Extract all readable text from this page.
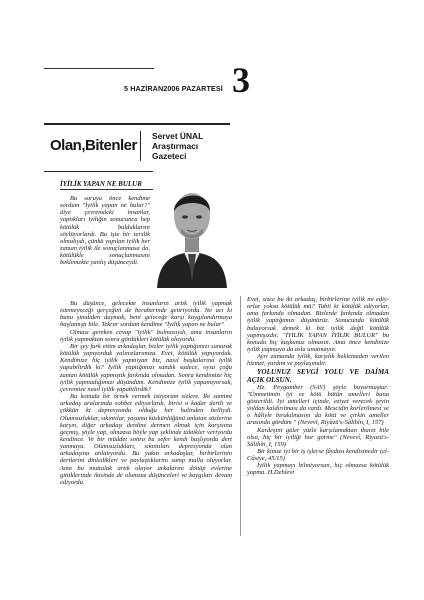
5 HAZİRAN2006 PAZARTESİ 3
Olan,Bitenler
Servet ÜNAL
Araştırmacı Gazeteci
İYİLİK YAPAN NE BULUR

Bu soruyu önce kendime sordum "İyilik yapan ne bulur?" diye çevremdeki insanlar, yaptıkları iyiliğin sonucunca hep kötülük bulduklarını söylüyorlardı. Bu işte bir terslik olmalıydı, çünkü yapılan iyilik her zaman iyilik ile sonuçlanmasa da, kötülükle sonuçlanmasını beklemekte yanlış düşünceydi.

Bu düşünce, gelecekte insanların artık iyilik yapmak istemeyeceği gerçeğini de beraberinde getiriyordu. Ne acı ki bunu şimdiden duymak, beni geleceğe karşı kaygılandırmaya başlamıştı bile. Tekrar sordum kendime "İyilik yapan ne bulur"

Olması gereken cevap "iyilik" bulmasıydı, ama insanların iyilik yapmaktan sonra gördükleri kötülük oluyordu.

Bir şey fark ettim arkadaşlar, bizler iyilik yaptığımızı sanarak kötülük yapıyorduk yalınızlarımıza. Evet, kötülük yapıyorduk. Kendimize hiç iyilik yapmıyan biz, nasıl başkalarına iyilik yapabilirdik ki? İyilik yaptığımızı sandık sadece, oysa çoğu zaman kötülük yapmıştık farkında olmadan. Sonra kendimize hiç iyilik yapmadığımızı düşündüm. Kendimize iyilik yapamıyorsak, çevremize nasıl iyilik yapabilirdik?

Bu konuda bir örnek vermek istiyorum sizlere. İki samimi arkadaş aralarında sohbet ediyorlardı, birisi o kadar dertli ve çökkün ki depresyonda olduğu her halinden belliydi. Olumsuzluklar, sıkıntılar, yaşama küskünlüğünü anlatan sözlerine karşın, diğer arkadaşı derdine dermen olmak için karşısına geçmiş, şöyle yap, olmazsa böyle yap şeklinde taktikler veriyordu kendince. Ve bir müddet sonra bu sefer kendi başlıyordu dert yanmaya. Olumsuzlukları, sıkıntıları depresyonda olan arkadaşına anlatıyordu. Bu yakın arkadaşlar, birbirlerinin dertlerini dinledikleri ve paylaştıklarını samp malla oluyorlar. Ama bu muttalak artık olayor arkalarını dönüp evlerine gittiklerinde ikisinde de olumsuz düşünceleri ve kaygıları devam ediyordu.

Evet, sizce bu iki arkadaş, birbirlerine iyilik mi ediyorlar yoksa kötülük mü? Tabii ki kötülük ediyorlar, ama farkında olmadan. Bizlerde farkında olmadan iyilik yaptığımızı düşünürüz. Sonucunda kötülük buluyorsak demek ki biz iyilik değil kötülük yapmışızdır. "İYİLİK YAPAN İYİLİK BULUR" bu konuda hiç kuşkunuz olmasın. Ama önce kendinize iyilik yapmaya da asla unutmayın.

Ayrı zamanda iyilik, karşılık beklemeden verilen hizmet, yardım ve paylaşımdır.

YOLUNUZ SEVGİ YOLU VE DAİMA AÇIK OLSUN.

Hz. Peygamber (SAV) şöyle buyurmuştur: "Ümmetimin iyi ve kötü bütün amelleri bana gösterildi. İyi amelleri içinde, eziyet verecek şeyin yoldan kaldırılması da vardı. Mescidin korlerilmesi ve o hâliyle bırakılmasını da kötü ve çirkin ameller arasında gördüm " (Nevevî, Riyâzü's-Sâlihîn, I, 157)

Kardeşini güler yüzle karşılamaktan ibaret bile olsa, hiç bir iyiliği hor görme" (Nevevî, Riyazü's-Sâlihîn, I, 159)

Bir kimse iyi bir iş işlerse fâydası kendisinedir (el-Câsiye, 45/15)

İyilik yapmayı bilmiyorsan, hiç olmazsa kötülük yapma. H.Dehlevi
